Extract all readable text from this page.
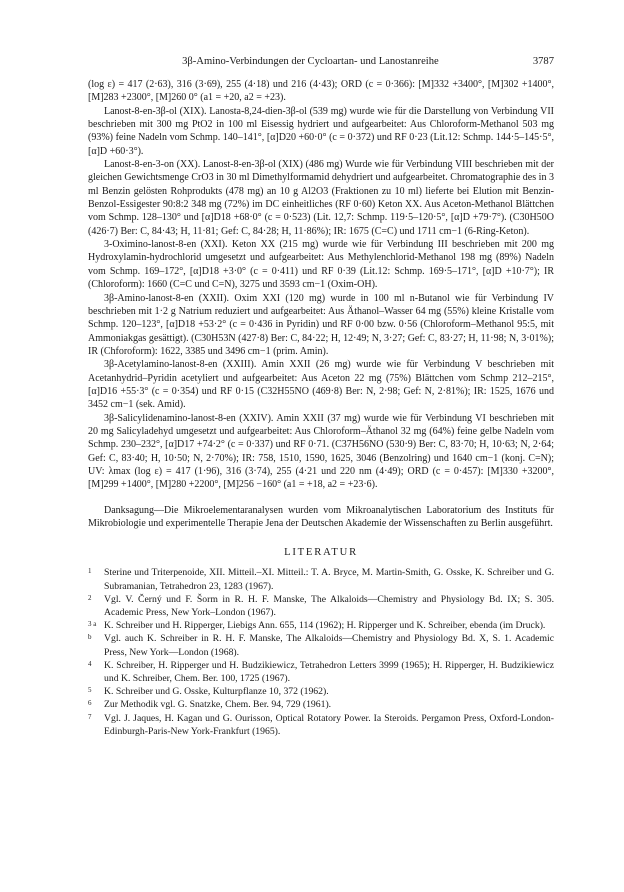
3β-Amino-Verbindungen der Cycloartan- und Lanostanreihe	3787

(log ε) = 417 (2·63), 316 (3·69), 255 (4·18) und 216 (4·43); ORD (c = 0·366): [M]332 +3400°, [M]302 +1400°, [M]283 +2300°, [M]260 0° (a1 = +20, a2 = +23).

Lanost-8-en-3β-ol (XIX). Lanosta-8,24-dien-3β-ol (539 mg) wurde wie für die Darstellung von Verbindung VII beschrieben mit 300 mg PtO2 in 100 ml Eisessig hydriert und aufgearbeitet: Aus Chloroform-Methanol 503 mg (93%) feine Nadeln vom Schmp. 140–141°, [α]D20 +60·0° (c = 0·372) und RF 0·23 (Lit.12: Schmp. 144·5–145·5°, [α]D +60·3°).

Lanost-8-en-3-on (XX). Lanost-8-en-3β-ol (XIX) (486 mg) Wurde wie für Verbindung VIII beschrieben mit der gleichen Gewichtsmenge CrO3 in 30 ml Dimethylformamid dehydriert und aufgearbeitet. Chromatographie des in 3 ml Benzin gelösten Rohprodukts (478 mg) an 10 g Al2O3 (Fraktionen zu 10 ml) lieferte bei Elution mit Benzin-Benzol-Essigester 90:8:2 348 mg (72%) im DC einheitliches (RF 0·60) Keton XX. Aus Aceton-Methanol Blättchen vom Schmp. 128–130° und [α]D18 +68·0° (c = 0·523) (Lit. 12,7: Schmp. 119·5–120·5°, [α]D +79·7°). (C30H50O (426·7) Ber: C, 84·43; H, 11·81; Gef: C, 84·28; H, 11·86%); IR: 1675 (C=C) und 1711 cm−1 (6-Ring-Keton).

3-Oximino-lanost-8-en (XXI). Keton XX (215 mg) wurde wie für Verbindung III beschrieben mit 200 mg Hydroxylamin-hydrochlorid umgesetzt und aufgearbeitet: Aus Methylenchlorid-Methanol 198 mg (89%) Nadeln vom Schmp. 169–172°, [α]D18 +3·0° (c = 0·411) und RF 0·39 (Lit.12: Schmp. 169·5–171°, [α]D +10·7°); IR (Chloroform): 1660 (C=C und C=N), 3275 und 3593 cm−1 (Oxim-OH).

3β-Amino-lanost-8-en (XXII). Oxim XXI (120 mg) wurde in 100 ml n-Butanol wie für Verbindung IV beschrieben mit 1·2 g Natrium reduziert und aufgearbeitet: Aus Äthanol–Wasser 64 mg (55%) kleine Kristalle vom Schmp. 120–123°, [α]D18 +53·2° (c = 0·436 in Pyridin) und RF 0·00 bzw. 0·56 (Chloroform–Methanol 95:5, mit Ammoniakgas gesättigt). (C30H53N (427·8) Ber: C, 84·22; H, 12·49; N, 3·27; Gef: C, 83·27; H, 11·98; N, 3·01%); IR (Chforoform): 1622, 3385 und 3496 cm−1 (prim. Amin).

3β-Acetylamino-lanost-8-en (XXIII). Amin XXII (26 mg) wurde wie für Verbindung V beschrieben mit Acetanhydrid–Pyridin acetyliert und aufgearbeitet: Aus Aceton 22 mg (75%) Blättchen vom Schmp 212–215°, [α]D16 +55·3° (c = 0·354) und RF 0·15 (C32H55NO (469·8) Ber: N, 2·98; Gef: N, 2·81%); IR: 1525, 1676 und 3452 cm−1 (sek. Amid).

3β-Salicylidenamino-lanost-8-en (XXIV). Amin XXII (37 mg) wurde wie für Verbindung VI beschrieben mit 20 mg Salicyladehyd umgesetzt und aufgearbeitet: Aus Chloroform–Äthanol 32 mg (64%) feine gelbe Nadeln vom Schmp. 230–232°, [α]D17 +74·2° (c = 0·337) und RF 0·71. (C37H56NO (530·9) Ber: C, 83·70; H, 10·63; N, 2·64; Gef: C, 83·40; H, 10·50; N, 2·70%); IR: 758, 1510, 1590, 1625, 3046 (Benzolring) und 1640 cm−1 (konj. C=N); UV: λmax (log ε) = 417 (1·96), 316 (3·74), 255 (4·21 und 220 nm (4·49); ORD (c = 0·457): [M]330 +3200°, [M]299 +1400°, [M]280 +2200°, [M]256 −160° (a1 = +18, a2 = +23·6).

Danksagung—Die Mikroelementaranalysen wurden vom Mikroanalytischen Laboratorium des Instituts für Mikrobiologie und experimentelle Therapie Jena der Deutschen Akademie der Wissenschaften zu Berlin ausgeführt.

LITERATUR
1 Sterine und Triterpenoide, XII. Mitteil.–XI. Mitteil.: T. A. Bryce, M. Martin-Smith, G. Osske, K. Schreiber und G. Subramanian, Tetrahedron 23, 1283 (1967).
2 Vgl. V. Černý und F. Šorm in R. H. F. Manske, The Alkaloids—Chemistry and Physiology Bd. IX; S. 305. Academic Press, New York–London (1967).
3 a K. Schreiber und H. Ripperger, Liebigs Ann. 655, 114 (1962); H. Ripperger und K. Schreiber, ebenda (im Druck).
b Vgl. auch K. Schreiber in R. H. F. Manske, The Alkaloids—Chemistry and Physiology Bd. X, S. 1. Academic Press, New York—London (1968).
4 K. Schreiber, H. Ripperger und H. Budzikiewicz, Tetrahedron Letters 3999 (1965); H. Ripperger, H. Budzikiewicz und K. Schreiber, Chem. Ber. 100, 1725 (1967).
5 K. Schreiber und G. Osske, Kulturpflanze 10, 372 (1962).
6 Zur Methodik vgl. G. Snatzke, Chem. Ber. 94, 729 (1961).
7 Vgl. J. Jaques, H. Kagan und G. Ourisson, Optical Rotatory Power. Ia Steroids. Pergamon Press, Oxford-London-Edinburgh-Paris-New York-Frankfurt (1965).
